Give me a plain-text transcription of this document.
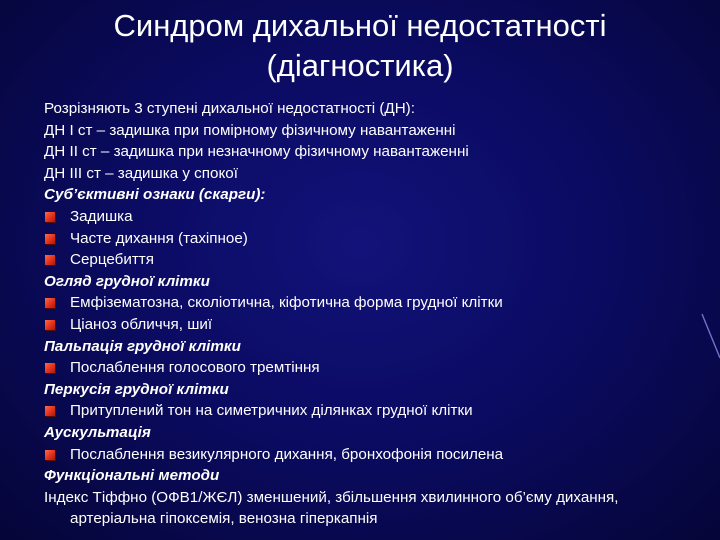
Синдром дихальної недостатності
(діагностика)
Розрізняють 3 ступені дихальної недостатності (ДН):
ДН І ст – задишка при помірному фізичному навантаженні
ДН ІІ ст – задишка при незначному фізичному навантаженні
ДН ІІІ ст – задишка у спокої
Суб’єктивні ознаки (скарги):
Задишка
Часте дихання (тахіпное)
Серцебиття
Огляд грудної клітки
Емфізематозна, сколіотична, кіфотична форма грудної клітки
Ціаноз обличчя, шиї
Пальпація грудної клітки
Послаблення голосового тремтіння
Перкусія грудної клітки
Притуплений тон на симетричних ділянках грудної клітки
Аускультація
Послаблення везикулярного дихання, бронхофонія посилена
Функціональні методи
Індекс Тіффно (ОФВ1/ЖЄЛ) зменшений, збільшення хвилинного об’єму дихання, артеріальна гіпоксемія, венозна гіперкапнія
